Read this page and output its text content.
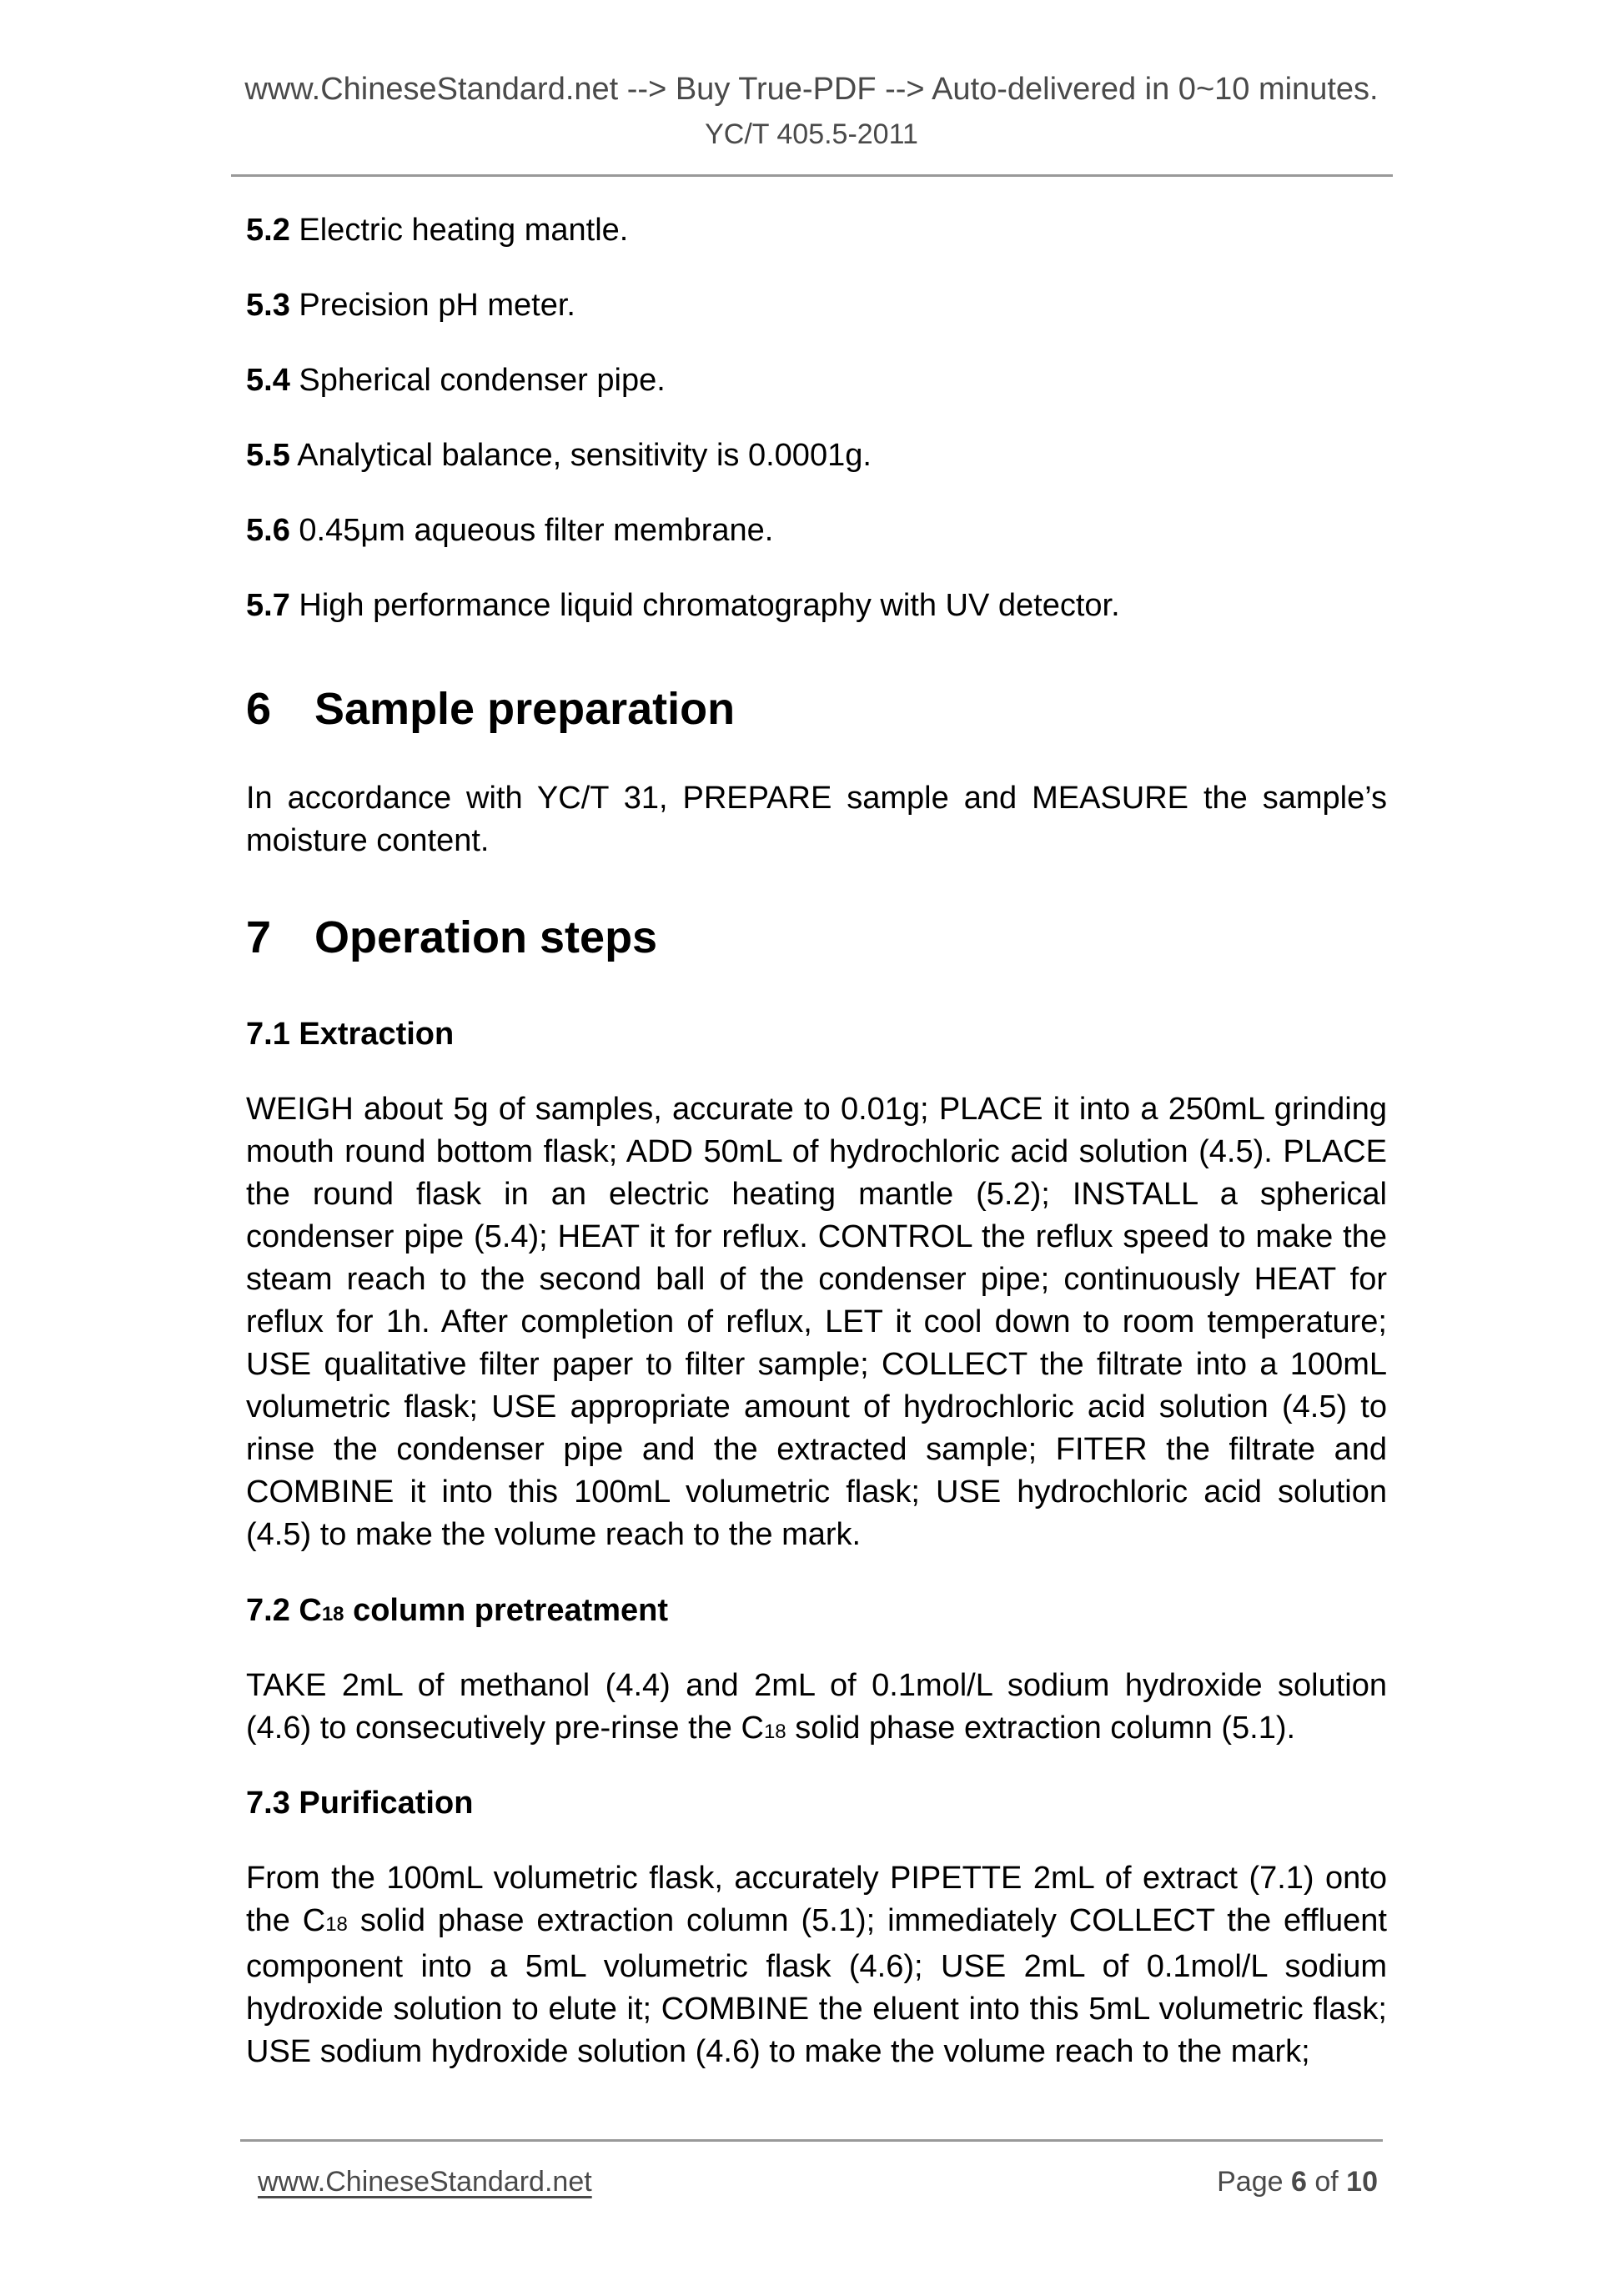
www.ChineseStandard.net --> Buy True-PDF --> Auto-delivered in 0~10 minutes.
YC/T 405.5-2011
5.2 Electric heating mantle.
5.3 Precision pH meter.
5.4 Spherical condenser pipe.
5.5 Analytical balance, sensitivity is 0.0001g.
5.6 0.45μm aqueous filter membrane.
5.7 High performance liquid chromatography with UV detector.
6 Sample preparation
In accordance with YC/T 31, PREPARE sample and MEASURE the sample’s moisture content.
7 Operation steps
7.1 Extraction
WEIGH about 5g of samples, accurate to 0.01g; PLACE it into a 250mL grinding mouth round bottom flask; ADD 50mL of hydrochloric acid solution (4.5). PLACE the round flask in an electric heating mantle (5.2); INSTALL a spherical condenser pipe (5.4); HEAT it for reflux. CONTROL the reflux speed to make the steam reach to the second ball of the condenser pipe; continuously HEAT for reflux for 1h. After completion of reflux, LET it cool down to room temperature; USE qualitative filter paper to filter sample; COLLECT the filtrate into a 100mL volumetric flask; USE appropriate amount of hydrochloric acid solution (4.5) to rinse the condenser pipe and the extracted sample; FITER the filtrate and COMBINE it into this 100mL volumetric flask; USE hydrochloric acid solution (4.5) to make the volume reach to the mark.
7.2 C18 column pretreatment
TAKE 2mL of methanol (4.4) and 2mL of 0.1mol/L sodium hydroxide solution (4.6) to consecutively pre-rinse the C18 solid phase extraction column (5.1).
7.3 Purification
From the 100mL volumetric flask, accurately PIPETTE 2mL of extract (7.1) onto the C18 solid phase extraction column (5.1); immediately COLLECT the effluent component into a 5mL volumetric flask (4.6); USE 2mL of 0.1mol/L sodium hydroxide solution to elute it; COMBINE the eluent into this 5mL volumetric flask; USE sodium hydroxide solution (4.6) to make the volume reach to the mark;
www.ChineseStandard.net	Page 6 of 10
